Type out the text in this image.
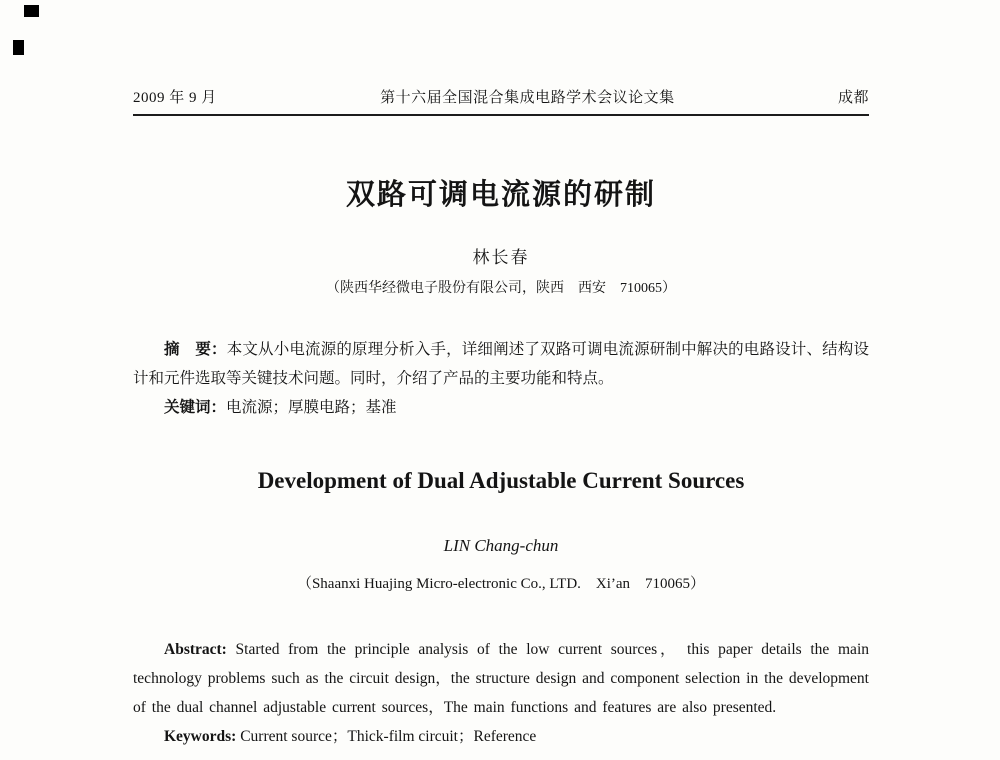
2009 年 9 月	第十六届全国混合集成电路学术会议论文集	成都
双路可调电流源的研制
林长春
（陕西华经微电子股份有限公司，陕西　西安　710065）

摘　要：本文从小电流源的原理分析入手，详细阐述了双路可调电流源研制中解决的电路设计、结构设计和元件选取等关键技术问题。同时，介绍了产品的主要功能和特点。

关键词：电流源；厚膜电路；基准

Development of Dual Adjustable Current Sources
LIN Chang-chun
（Shaanxi Huajing Micro-electronic Co., LTD.　Xi’an　710065）

Abstract: Started from the principle analysis of the low current sources， this paper details the main technology problems such as the circuit design，the structure design and component selection in the development of the dual channel adjustable current sources，The main functions and features are also presented.

Keywords: Current source；Thick-film circuit；Reference
